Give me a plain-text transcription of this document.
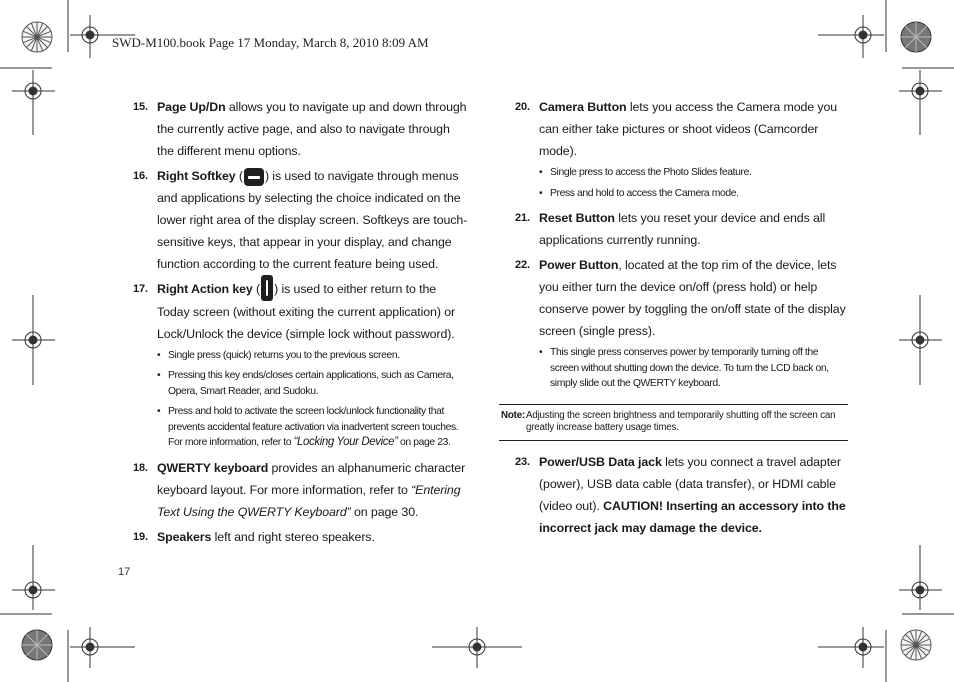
SWD-M100.book Page 17 Monday, March 8, 2010 8:09 AM
17
15. Page Up/Dn allows you to navigate up and down through the currently active page, and also to navigate through the different menu options.
16. Right Softkey ( ) is used to navigate through menus and applications by selecting the choice indicated on the lower right area of the display screen. Softkeys are touch-sensitive keys, that appear in your display, and change function according to the current feature being used.
17. Right Action key ( ) is used to either return to the Today screen (without exiting the current application) or Lock/Unlock the device (simple lock without password).
• Single press (quick) returns you to the previous screen.
• Pressing this key ends/closes certain applications, such as Camera, Opera, Smart Reader, and Sudoku.
• Press and hold to activate the screen lock/unlock functionality that prevents accidental feature activation via inadvertent screen touches. For more information, refer to “Locking Your Device” on page 23.
18. QWERTY keyboard provides an alphanumeric character keyboard layout. For more information, refer to “Entering Text Using the QWERTY Keyboard” on page 30.
19. Speakers left and right stereo speakers.
20. Camera Button lets you access the Camera mode you can either take pictures or shoot videos (Camcorder mode).
• Single press to access the Photo Slides feature.
• Press and hold to access the Camera mode.
21. Reset Button lets you reset your device and ends all applications currently running.
22. Power Button, located at the top rim of the device, lets you either turn the device on/off (press hold) or help conserve power by toggling the on/off state of the display screen (single press).
• This single press conserves power by temporarily turning off the screen without shutting down the device. To turn the LCD back on, simply slide out the QWERTY keyboard.
Note: Adjusting the screen brightness and temporarily shutting off the screen can greatly increase battery usage times.
23. Power/USB Data jack lets you connect a travel adapter (power), USB data cable (data transfer), or HDMI cable (video out). CAUTION! Inserting an accessory into the incorrect jack may damage the device.
